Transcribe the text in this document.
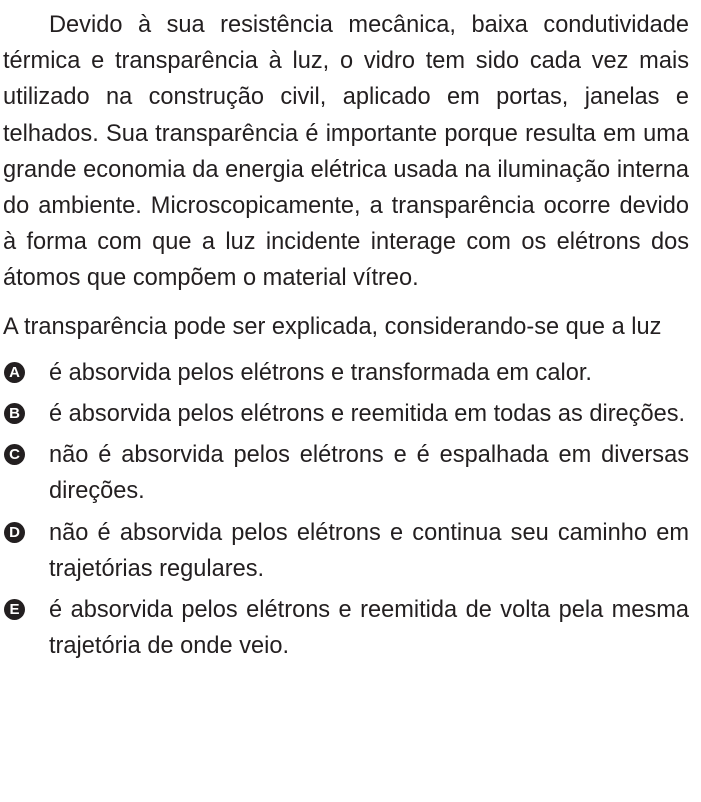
Devido à sua resistência mecânica, baixa condutividade térmica e transparência à luz, o vidro tem sido cada vez mais utilizado na construção civil, aplicado em portas, janelas e telhados. Sua transparência é importante porque resulta em uma grande economia da energia elétrica usada na iluminação interna do ambiente. Microscopicamente, a transparência ocorre devido à forma com que a luz incidente interage com os elétrons dos átomos que compõem o material vítreo.

A transparência pode ser explicada, considerando-se que a luz

A é absorvida pelos elétrons e transformada em calor.
B é absorvida pelos elétrons e reemitida em todas as direções.
C não é absorvida pelos elétrons e é espalhada em diversas direções.
D não é absorvida pelos elétrons e continua seu caminho em trajetórias regulares.
E é absorvida pelos elétrons e reemitida de volta pela mesma trajetória de onde veio.
